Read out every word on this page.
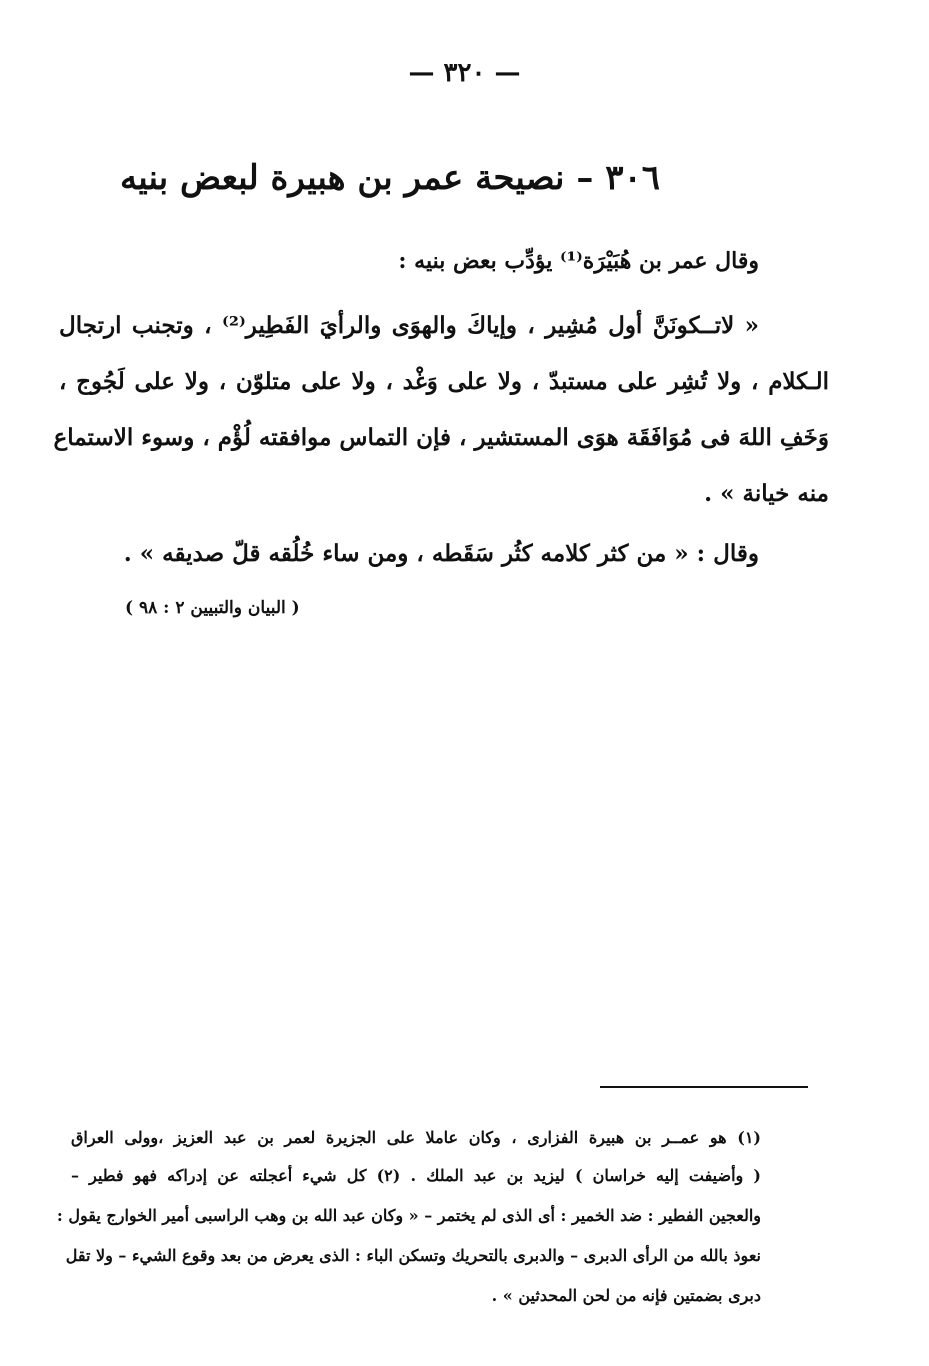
— ٣٢٠ —
٣٠٦ – نصيحة عمر بن هبيرة لبعض بنيه
وقال عمر بن هُبَيْرَة⁽¹⁾ يؤدِّب بعض بنيه :
« لاتــكونَنَّ أول مُشِير ، وإياكَ والهوَى والرأيَ الفَطِير⁽²⁾ ، وتجنب ارتجال
الـكلام ، ولا تُشِر على مستبدّ ، ولا على وَغْد ، ولا على متلوّن ، ولا على لَجُوج ،
وَخَفِ اللهَ فى مُوَافَقَة هوَى المستشير ، فإن التماس موافقته لُؤْم ، وسوء الاستماع
منه خيانة » .
وقال : « من كثر كلامه كثُر سَقَطه ، ومن ساء خُلُقه قلّ صديقه » .
( البيان والتبيين ٢ : ٩٨ )
(١) هو عمــر بن هبيرة الفزارى ، وكان عاملا على الجزيرة لعمر بن عبد العزيز ،وولى العراق
( وأضيفت إليه خراسان ) ليزيد بن عبد الملك . (٢) كل شيء أعجلته عن إدراكه فهو فطير –
والعجين الفطير : ضد الخمير : أى الذى لم يختمر – « وكان عبد الله بن وهب الراسبى أمير الخوارج يقول :
نعوذ بالله من الرأى الدبرى – والدبرى بالتحريك وتسكن الباء : الذى يعرض من بعد وقوع الشيء – ولا تقل
دبرى بضمتين فإنه من لحن المحدثين » .
